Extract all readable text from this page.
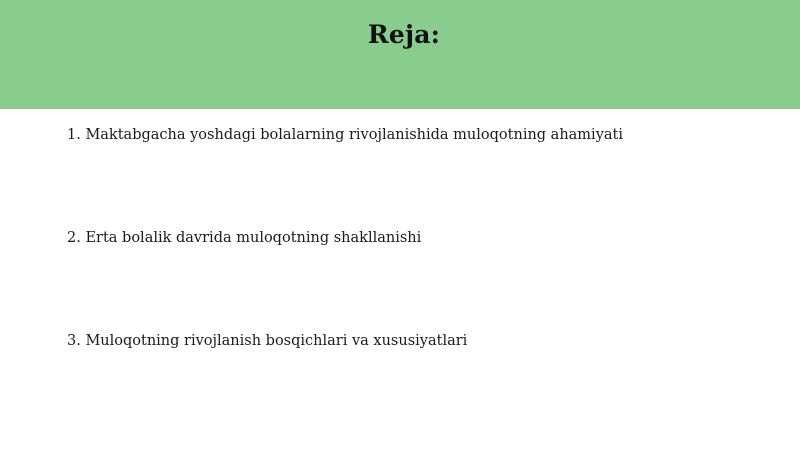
Reja:
1. Maktabgacha yoshdagi bolalarning rivojlanishida muloqotning ahamiyati
2. Erta bolalik davrida muloqotning shakllanishi
3. Muloqotning rivojlanish bosqichlari va xususiyatlari
